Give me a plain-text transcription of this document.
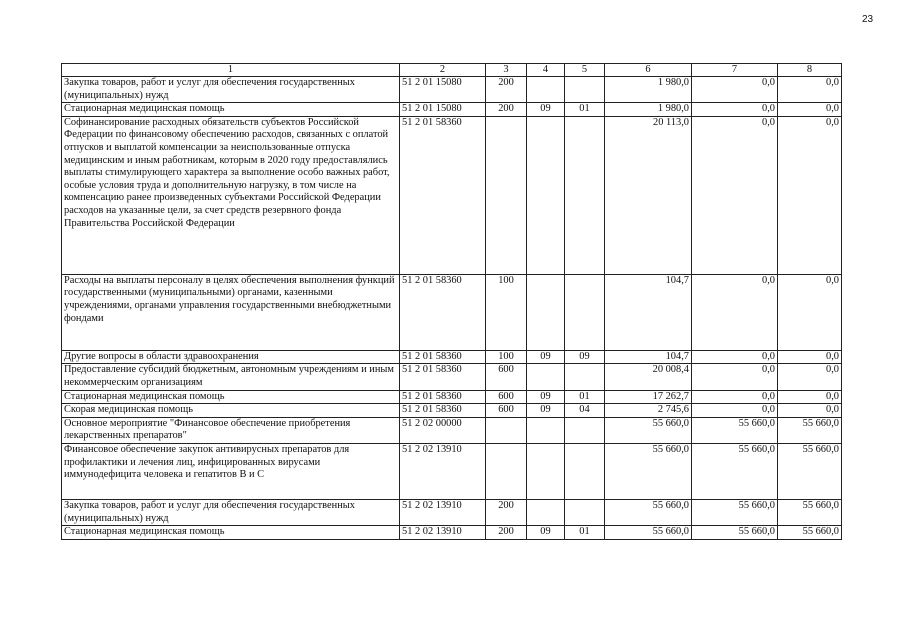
23
1	2	3	4	5	6	7	8
Закупка товаров, работ и услуг для обеспечения государственных (муниципальных) нужд	51 2 01 15080	200			1 980,0	0,0	0,0
Стационарная медицинская помощь	51 2 01 15080	200	09	01	1 980,0	0,0	0,0
Софинансирование расходных обязательств субъектов Российской Федерации по финансовому обеспечению расходов, связанных с оплатой отпусков и выплатой компенсации за неиспользованные отпуска медицинским и иным работникам, которым в 2020 году предоставлялись выплаты стимулирующего характера за выполнение особо важных работ, особые условия труда и дополнительную нагрузку, в том числе на компенсацию ранее произведенных субъектами Российской Федерации расходов на указанные цели, за счет средств резервного фонда Правительства Российской Федерации	51 2 01 58360				20 113,0	0,0	0,0
Расходы на выплаты персоналу в целях обеспечения выполнения функций государственными (муниципальными) органами, казенными учреждениями, органами управления государственными внебюджетными фондами	51 2 01 58360	100			104,7	0,0	0,0
Другие вопросы в области здравоохранения	51 2 01 58360	100	09	09	104,7	0,0	0,0
Предоставление субсидий бюджетным, автономным учреждениям и иным некоммерческим организациям	51 2 01 58360	600			20 008,4	0,0	0,0
Стационарная медицинская помощь	51 2 01 58360	600	09	01	17 262,7	0,0	0,0
Скорая медицинская помощь	51 2 01 58360	600	09	04	2 745,6	0,0	0,0
Основное мероприятие "Финансовое обеспечение приобретения лекарственных препаратов"	51 2 02 00000				55 660,0	55 660,0	55 660,0
Финансовое обеспечение закупок антивирусных препаратов для профилактики и лечения лиц, инфицированных вирусами иммунодефицита человека и гепатитов В и С	51 2 02 13910				55 660,0	55 660,0	55 660,0
Закупка товаров, работ и услуг для обеспечения государственных (муниципальных) нужд	51 2 02 13910	200			55 660,0	55 660,0	55 660,0
Стационарная медицинская помощь	51 2 02 13910	200	09	01	55 660,0	55 660,0	55 660,0
